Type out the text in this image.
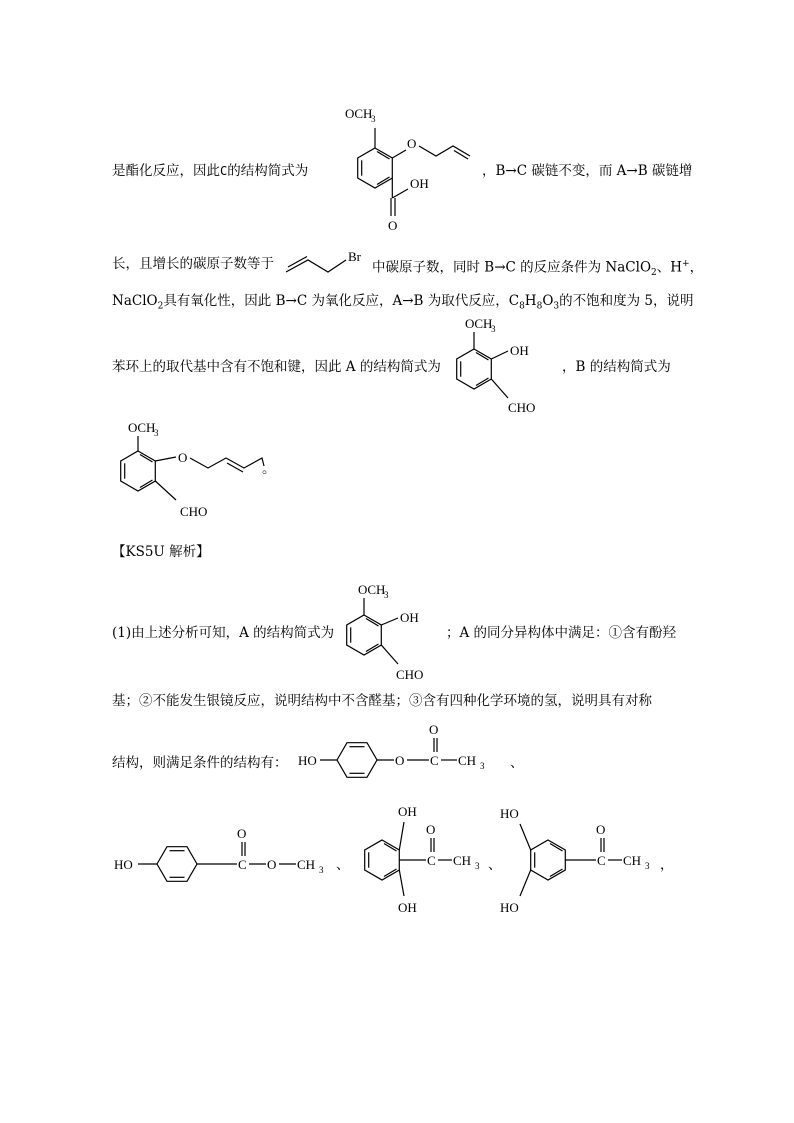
是酯化反应，因此C的结构简式为
OCH
3
O
OH
O
，B→C 碳链不变，而 A→B 碳链增
长，且增长的碳原子数等于	Br
中碳原子数，同时 B→C 的反应条件为 NaClO$_2$、H+，
NaClO$_2$具有氧化性，因此 B→C 为氧化反应，A→B 为取代反应，$C_8H_8O_3$的不饱和度为 5，说明
苯环上的取代基中含有不饱和键，因此 A 的结构简式为
OCH
3
OH
CHO
，B 的结构简式为
OCH
3
O
CHO
。
【KS5U 解析】
(1)由上述分析可知，A 的结构简式为
OCH
3
OH
CHO
；A 的同分异构体中满足：①含有酚羟
基；②不能发生银镜反应，说明结构中不含醛基；③含有四种化学环境的氢，说明具有对称
结构，则满足条件的结构有： HO	O C
O
CH 3 、
HO	C
O
O CH 3 、
OH
OH
C
O
CH 3 、
HO
HO
C
O
CH 3 ，
